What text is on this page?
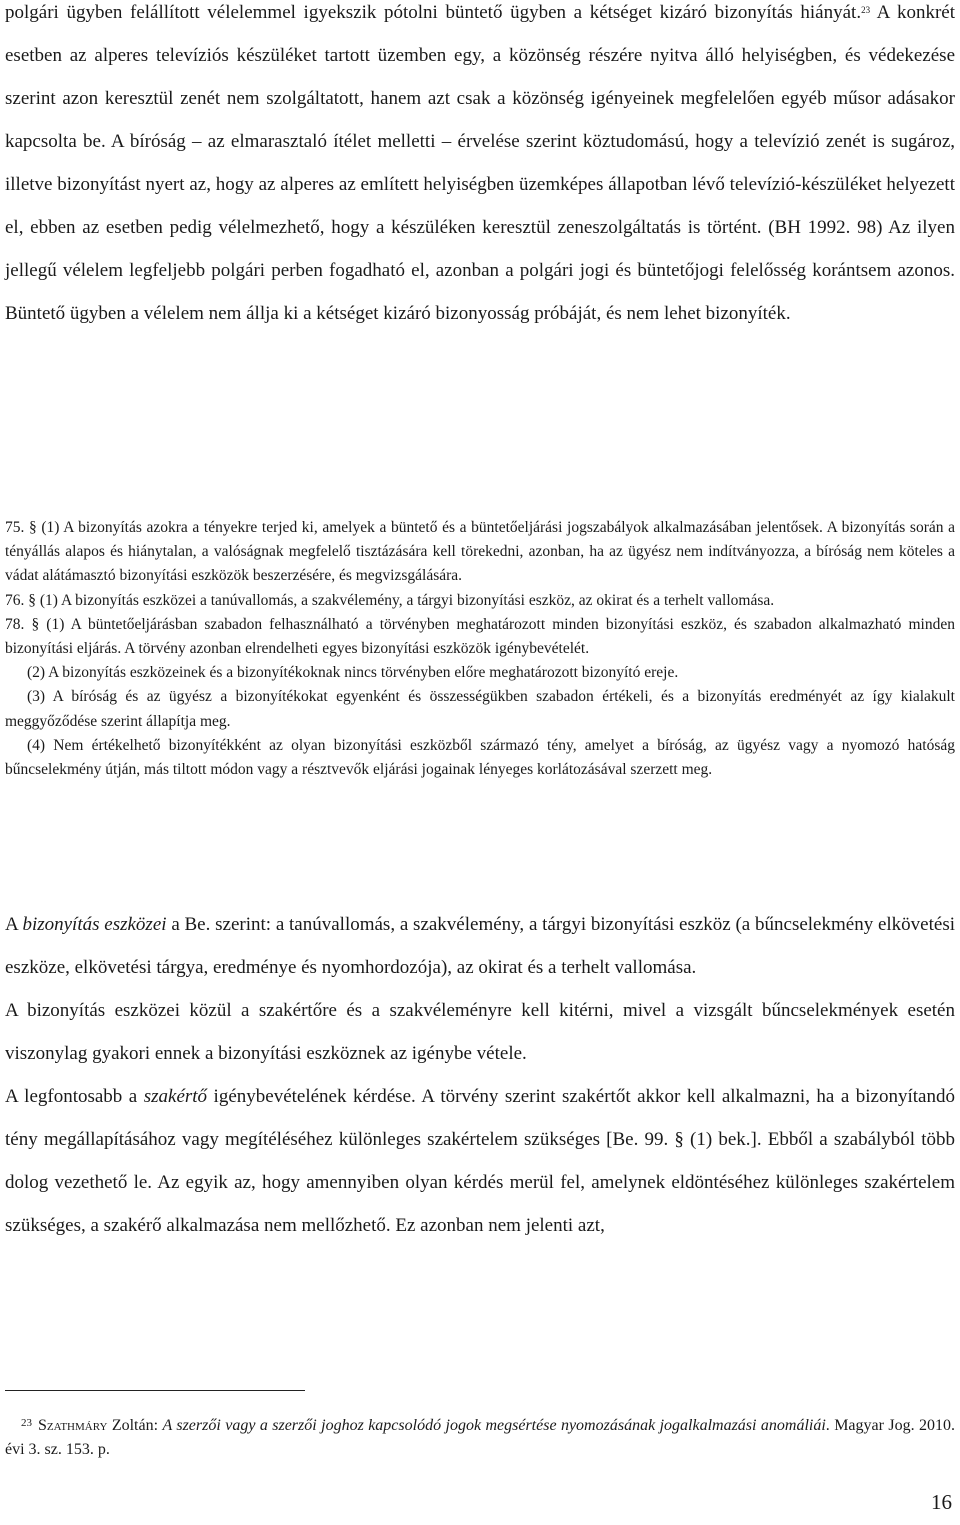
polgári ügyben felállított vélelemmel igyekszik pótolni büntető ügyben a kétséget kizáró bizonyítás hiányát.$^{23}$ A konkrét esetben az alperes televíziós készüléket tartott üzemben egy, a közönség részére nyitva álló helyiségben, és védekezése szerint azon keresztül zenét nem szolgáltatott, hanem azt csak a közönség igényeinek megfelelően egyéb műsor adásakor kapcsolta be. A bíróság – az elmarasztaló ítélet melletti – érvelése szerint köztudomású, hogy a televízió zenét is sugároz, illetve bizonyítást nyert az, hogy az alperes az említett helyiségben üzemképes állapotban lévő televízió-készüléket helyezett el, ebben az esetben pedig vélelmezhető, hogy a készüléken keresztül zeneszolgáltatás is történt. (BH 1992. 98) Az ilyen jellegű vélelem legfeljebb polgári perben fogadható el, azonban a polgári jogi és büntetőjogi felelősség korántsem azonos. Büntető ügyben a vélelem nem állja ki a kétséget kizáró bizonyosság próbáját, és nem lehet bizonyíték.

75. § (1) A bizonyítás azokra a tényekre terjed ki, amelyek a büntető és a büntetőeljárási jogszabályok alkalmazásában jelentősek. A bizonyítás során a tényállás alapos és hiánytalan, a valóságnak megfelelő tisztázására kell törekedni, azonban, ha az ügyész nem indítványozza, a bíróság nem köteles a vádat alátámasztó bizonyítási eszközök beszerzésére, és megvizsgálására.

76. § (1) A bizonyítás eszközei a tanúvallomás, a szakvélemény, a tárgyi bizonyítási eszköz, az okirat és a terhelt vallomása.

78. § (1) A büntetőeljárásban szabadon felhasználható a törvényben meghatározott minden bizonyítási eszköz, és szabadon alkalmazható minden bizonyítási eljárás. A törvény azonban elrendelheti egyes bizonyítási eszközök igénybevételét.

(2) A bizonyítás eszközeinek és a bizonyítékoknak nincs törvényben előre meghatározott bizonyító ereje.

(3) A bíróság és az ügyész a bizonyítékokat egyenként és összességükben szabadon értékeli, és a bizonyítás eredményét az így kialakult meggyőződése szerint állapítja meg.

(4) Nem értékelhető bizonyítékként az olyan bizonyítási eszközből származó tény, amelyet a bíróság, az ügyész vagy a nyomozó hatóság bűncselekmény útján, más tiltott módon vagy a résztvevők eljárási jogainak lényeges korlátozásával szerzett meg.

A bizonyítás eszközei a Be. szerint: a tanúvallomás, a szakvélemény, a tárgyi bizonyítási eszköz (a bűncselekmény elkövetési eszköze, elkövetési tárgya, eredménye és nyomhordozója), az okirat és a terhelt vallomása.

A bizonyítás eszközei közül a szakértőre és a szakvéleményre kell kitérni, mivel a vizsgált bűncselekmények esetén viszonylag gyakori ennek a bizonyítási eszköznek az igénybe vétele.

A legfontosabb a szakértő igénybevételének kérdése. A törvény szerint szakértőt akkor kell alkalmazni, ha a bizonyítandó tény megállapításához vagy megítéléséhez különleges szakértelem szükséges [Be. 99. § (1) bek.]. Ebből a szabályból több dolog vezethető le. Az egyik az, hogy amennyiben olyan kérdés merül fel, amelynek eldöntéséhez különleges szakértelem szükséges, a szakérő alkalmazása nem mellőzhető. Ez azonban nem jelenti azt,

$^{23}$ Szathmáry Zoltán: A szerzői vagy a szerzői joghoz kapcsolódó jogok megsértése nyomozásának jogalkalmazási anomáliái. Magyar Jog. 2010. évi 3. sz. 153. p.
16
